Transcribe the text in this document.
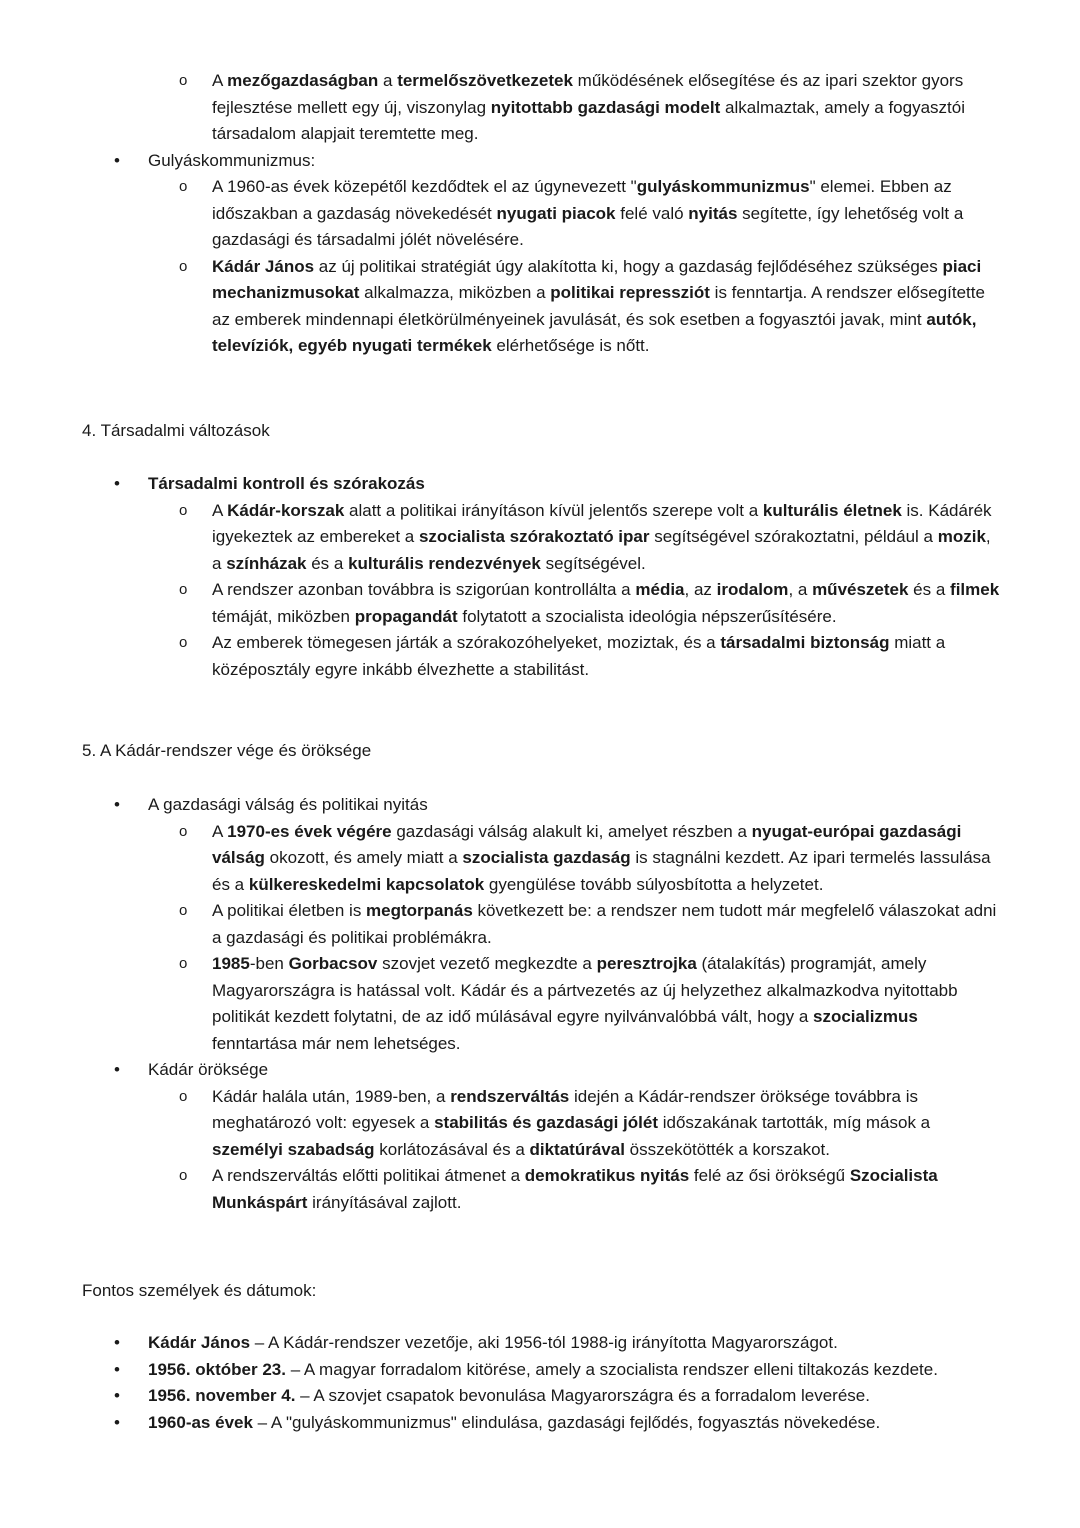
o A mezőgazdaságban a termelőszövetkezetek működésének elősegítése és az ipari szektor gyors fejlesztése mellett egy új, viszonylag nyitottabb gazdasági modelt alkalmaztak, amely a fogyasztói társadalom alapjait teremtette meg.
• Gulyáskommunizmus:
o A 1960-as évek közepétől kezdődtek el az úgynevezett "gulyáskommunizmus" elemei. Ebben az időszakban a gazdaság növekedését nyugati piacok felé való nyitás segítette, így lehetőség volt a gazdasági és társadalmi jólét növelésére.
o Kádár János az új politikai stratégiát úgy alakította ki, hogy a gazdaság fejlődéséhez szükséges piaci mechanizmusokat alkalmazza, miközben a politikai repressziót is fenntartja. A rendszer elősegítette az emberek mindennapi életkörülményeinek javulását, és sok esetben a fogyasztói javak, mint autók, televíziók, egyéb nyugati termékek elérhetősége is nőtt.
4. Társadalmi változások
• Társadalmi kontroll és szórakozás
o A Kádár-korszak alatt a politikai irányításon kívül jelentős szerepe volt a kulturális életnek is. Kádárék igyekeztek az embereket a szocialista szórakoztató ipar segítségével szórakoztatni, például a mozik, a színházak és a kulturális rendezvények segítségével.
o A rendszer azonban továbbra is szigorúan kontrollálta a média, az irodalom, a művészetek és a filmek témáját, miközben propagandát folytatott a szocialista ideológia népszerűsítésére.
o Az emberek tömegesen járták a szórakozóhelyeket, moziztak, és a társadalmi biztonság miatt a középosztály egyre inkább élvezhette a stabilitást.
5. A Kádár-rendszer vége és öröksége
• A gazdasági válság és politikai nyitás
o A 1970-es évek végére gazdasági válság alakult ki, amelyet részben a nyugat-európai gazdasági válság okozott, és amely miatt a szocialista gazdaság is stagnálni kezdett. Az ipari termelés lassulása és a külkereskedelmi kapcsolatok gyengülése tovább súlyosbította a helyzetet.
o A politikai életben is megtorpanás következett be: a rendszer nem tudott már megfelelő válaszokat adni a gazdasági és politikai problémákra.
o 1985-ben Gorbacsov szovjet vezető megkezdte a peresztrojka (átalakítás) programját, amely Magyarországra is hatással volt. Kádár és a pártvezetés az új helyzethez alkalmazkodva nyitottabb politikát kezdett folytatni, de az idő múlásával egyre nyilvánvalóbbá vált, hogy a szocializmus fenntartása már nem lehetséges.
• Kádár öröksége
o Kádár halála után, 1989-ben, a rendszerváltás idején a Kádár-rendszer öröksége továbbra is meghatározó volt: egyesek a stabilitás és gazdasági jólét időszakának tartották, míg mások a személyi szabadság korlátozásával és a diktatúrával összekötötték a korszakot.
o A rendszerváltás előtti politikai átmenet a demokratikus nyitás felé az ősi örökségű Szocialista Munkáspárt irányításával zajlott.
Fontos személyek és dátumok:
• Kádár János – A Kádár-rendszer vezetője, aki 1956-tól 1988-ig irányította Magyarországot.
• 1956. október 23. – A magyar forradalom kitörése, amely a szocialista rendszer elleni tiltakozás kezdete.
• 1956. november 4. – A szovjet csapatok bevonulása Magyarországra és a forradalom leverése.
• 1960-as évek – A "gulyáskommunizmus" elindulása, gazdasági fejlődés, fogyasztás növekedése.
